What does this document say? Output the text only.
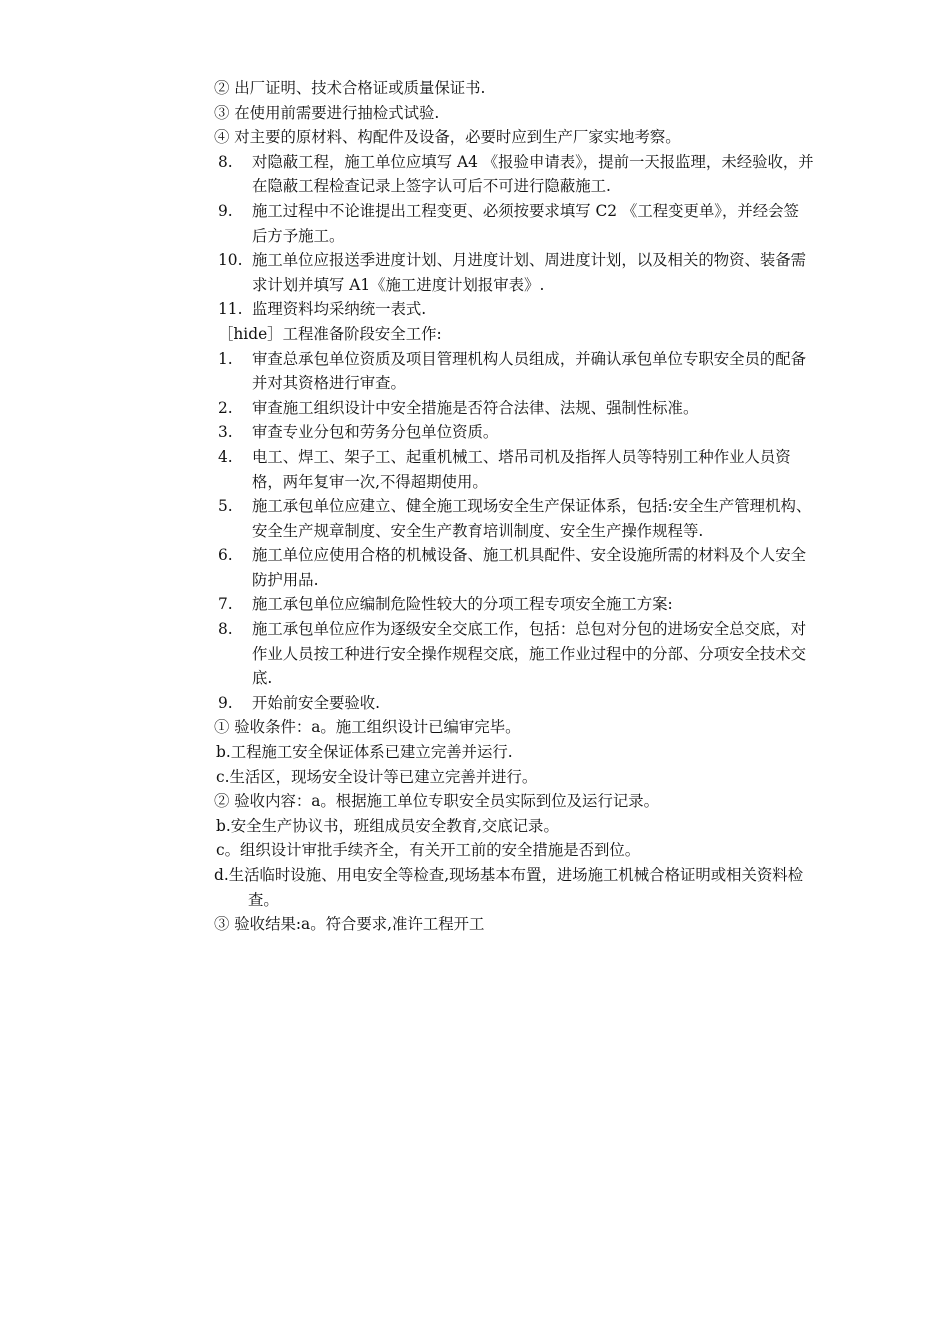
② 出厂证明、技术合格证或质量保证书.
③ 在使用前需要进行抽检式试验.
④ 对主要的原材料、构配件及设备，必要时应到生产厂家实地考察。
8.	对隐蔽工程，施工单位应填写 A4 《报验申请表》，提前一天报监理，未经验收，并在隐蔽工程检查记录上签字认可后不可进行隐蔽施工.
9.	施工过程中不论谁提出工程变更、必须按要求填写 C2 《工程变更单》，并经会签后方予施工。
10. 施工单位应报送季进度计划、月进度计划、周进度计划，以及相关的物资、装备需求计划并填写 A1《施工进度计划报审表》.
11. 监理资料均采纳统一表式.
［hide］工程准备阶段安全工作:
1.	审查总承包单位资质及项目管理机构人员组成，并确认承包单位专职安全员的配备并对其资格进行审查。
2.	审查施工组织设计中安全措施是否符合法律、法规、强制性标准。
3.	审查专业分包和劳务分包单位资质。
4.	电工、焊工、架子工、起重机械工、塔吊司机及指挥人员等特别工种作业人员资格，两年复审一次,不得超期使用。
5.	施工承包单位应建立、健全施工现场安全生产保证体系，包括:安全生产管理机构、安全生产规章制度、安全生产教育培训制度、安全生产操作规程等.
6.	施工单位应使用合格的机械设备、施工机具配件、安全设施所需的材料及个人安全防护用品.
7.	施工承包单位应编制危险性较大的分项工程专项安全施工方案:
8.	施工承包单位应作为逐级安全交底工作，包括：总包对分包的进场安全总交底，对作业人员按工种进行安全操作规程交底，施工作业过程中的分部、分项安全技术交底.
9.	开始前安全要验收.
① 验收条件：a。施工组织设计已编审完毕。
b.工程施工安全保证体系已建立完善并运行.
c.生活区，现场安全设计等已建立完善并进行。
② 验收内容：a。根据施工单位专职安全员实际到位及运行记录。
b.安全生产协议书，班组成员安全教育,交底记录。
c。组织设计审批手续齐全，有关开工前的安全措施是否到位。
d.生活临时设施、用电安全等检查,现场基本布置，进场施工机械合格证明或相关资料检查。
③ 验收结果:a。符合要求,准许工程开工
